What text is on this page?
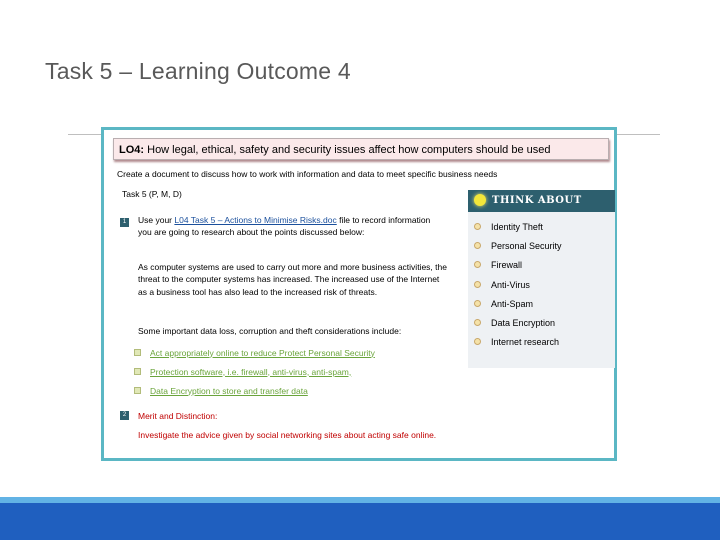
Task 5 – Learning Outcome 4
LO4: How legal, ethical, safety and security issues affect how computers should be used
Create a document to discuss how to work with information and data to meet specific business needs
Task 5 (P, M, D)
1	Use your L04 Task 5 – Actions to Minimise Risks.doc file to record information you are going to research about the points discussed below:
As computer systems are used to carry out more and more business activities, the threat to the computer systems has increased. The increased use of the Internet as a business tool has also lead to the increased risk of threats.
Some important data loss, corruption and theft considerations include:
Act appropriately online to reduce Protect Personal Security
Protection software, i.e. firewall, anti-virus, anti-spam,
Data Encryption to store and transfer data
2	Merit and Distinction:
Investigate the advice given by social networking sites about acting safe online.
THINK ABOUT
Identity Theft
Personal Security
Firewall
Anti-Virus
Anti-Spam
Data Encryption
Internet research
